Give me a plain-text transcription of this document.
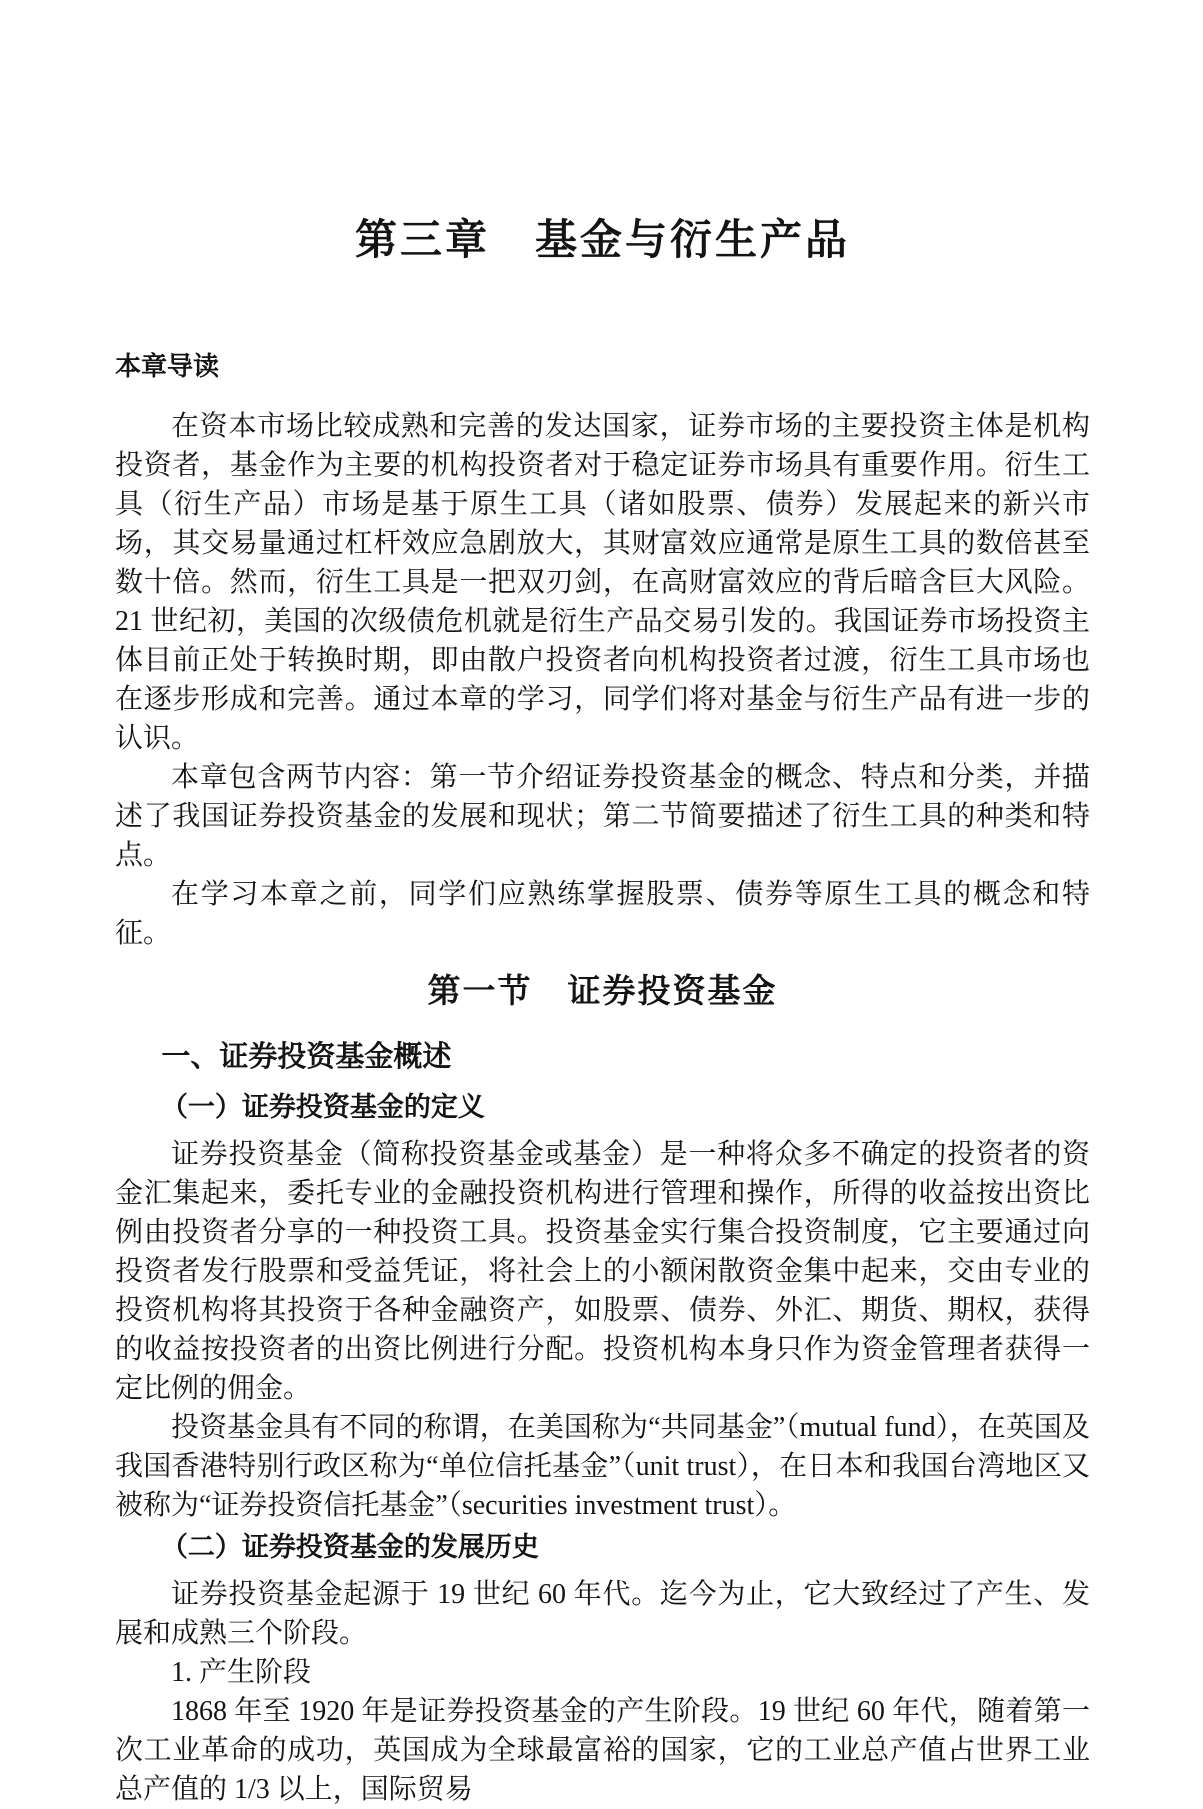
第三章　基金与衍生产品
本章导读

在资本市场比较成熟和完善的发达国家，证券市场的主要投资主体是机构投资者，基金作为主要的机构投资者对于稳定证券市场具有重要作用。衍生工具（衍生产品）市场是基于原生工具（诸如股票、债券）发展起来的新兴市场，其交易量通过杠杆效应急剧放大，其财富效应通常是原生工具的数倍甚至数十倍。然而，衍生工具是一把双刃剑，在高财富效应的背后暗含巨大风险。21 世纪初，美国的次级债危机就是衍生产品交易引发的。我国证券市场投资主体目前正处于转换时期，即由散户投资者向机构投资者过渡，衍生工具市场也在逐步形成和完善。通过本章的学习，同学们将对基金与衍生产品有进一步的认识。

本章包含两节内容：第一节介绍证券投资基金的概念、特点和分类，并描述了我国证券投资基金的发展和现状；第二节简要描述了衍生工具的种类和特点。

在学习本章之前，同学们应熟练掌握股票、债券等原生工具的概念和特征。

第一节　证券投资基金
一、证券投资基金概述
（一）证券投资基金的定义

证券投资基金（简称投资基金或基金）是一种将众多不确定的投资者的资金汇集起来，委托专业的金融投资机构进行管理和操作，所得的收益按出资比例由投资者分享的一种投资工具。投资基金实行集合投资制度，它主要通过向投资者发行股票和受益凭证，将社会上的小额闲散资金集中起来，交由专业的投资机构将其投资于各种金融资产，如股票、债券、外汇、期货、期权，获得的收益按投资者的出资比例进行分配。投资机构本身只作为资金管理者获得一定比例的佣金。

投资基金具有不同的称谓，在美国称为“共同基金”（mutual fund），在英国及我国香港特别行政区称为“单位信托基金”（unit trust），在日本和我国台湾地区又被称为“证券投资信托基金”（securities investment trust）。

（二）证券投资基金的发展历史

证券投资基金起源于 19 世纪 60 年代。迄今为止，它大致经过了产生、发展和成熟三个阶段。

1. 产生阶段

1868 年至 1920 年是证券投资基金的产生阶段。19 世纪 60 年代，随着第一次工业革命的成功，英国成为全球最富裕的国家，它的工业总产值占世界工业总产值的 1/3 以上，国际贸易
